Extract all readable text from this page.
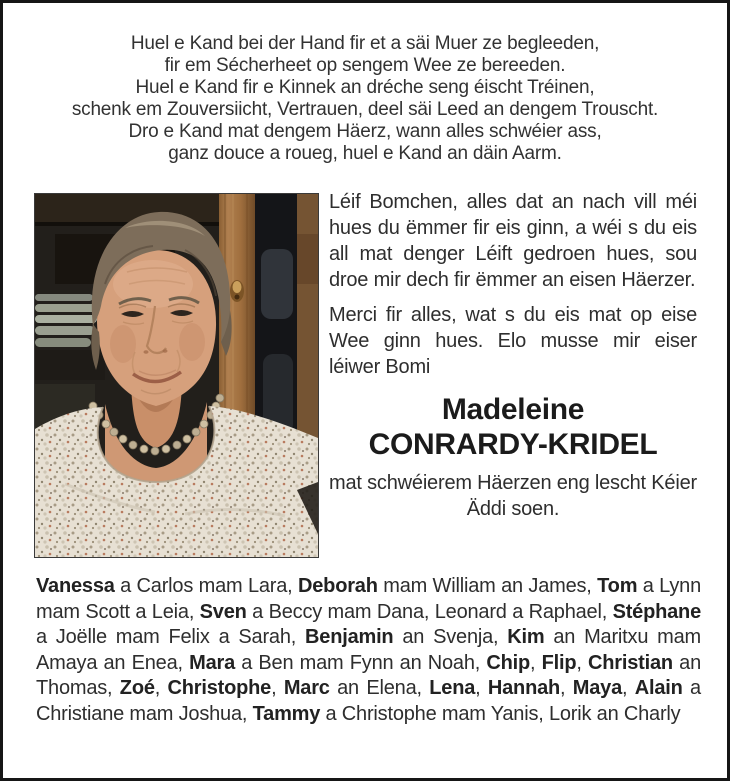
Huel e Kand bei der Hand fir et a säi Muer ze begleeden,
fir em Sécherheet op sengem Wee ze bereeden.
Huel e Kand fir e Kinnek an dréche seng éischt Tréinen,
schenk em Zouversiicht, Vertrauen, deel säi Leed an dengem Trouscht.
Dro e Kand mat dengem Häerz, wann alles schwéier ass,
ganz douce a roueg, huel e Kand an däin Aarm.

Léif Bomchen, alles dat an nach vill méi hues du ëmmer fir eis ginn, a wéi s du eis all mat denger Léift gedroen hues, sou droe mir dech fir ëmmer an eisen Häerzer.

Merci fir alles, wat s du eis mat op eise Wee ginn hues. Elo musse mir eiser léiwer Bomi

Madeleine
CONRARDY-KRIDEL
mat schwéierem Häerzen eng lescht Kéier Äddi soen.
Vanessa a Carlos mam Lara, Deborah mam William an James, Tom a Lynn mam Scott a Leia, Sven a Beccy mam Dana, Leonard a Raphael, Stéphane a Joëlle mam Felix a Sarah, Benjamin an Svenja, Kim an Maritxu mam Amaya an Enea, Mara a Ben mam Fynn an Noah, Chip, Flip, Christian an Thomas, Zoé, Christophe, Marc an Elena, Lena, Hannah, Maya, Alain a Christiane mam Joshua, Tammy a Christophe mam Yanis, Lorik an Charly
